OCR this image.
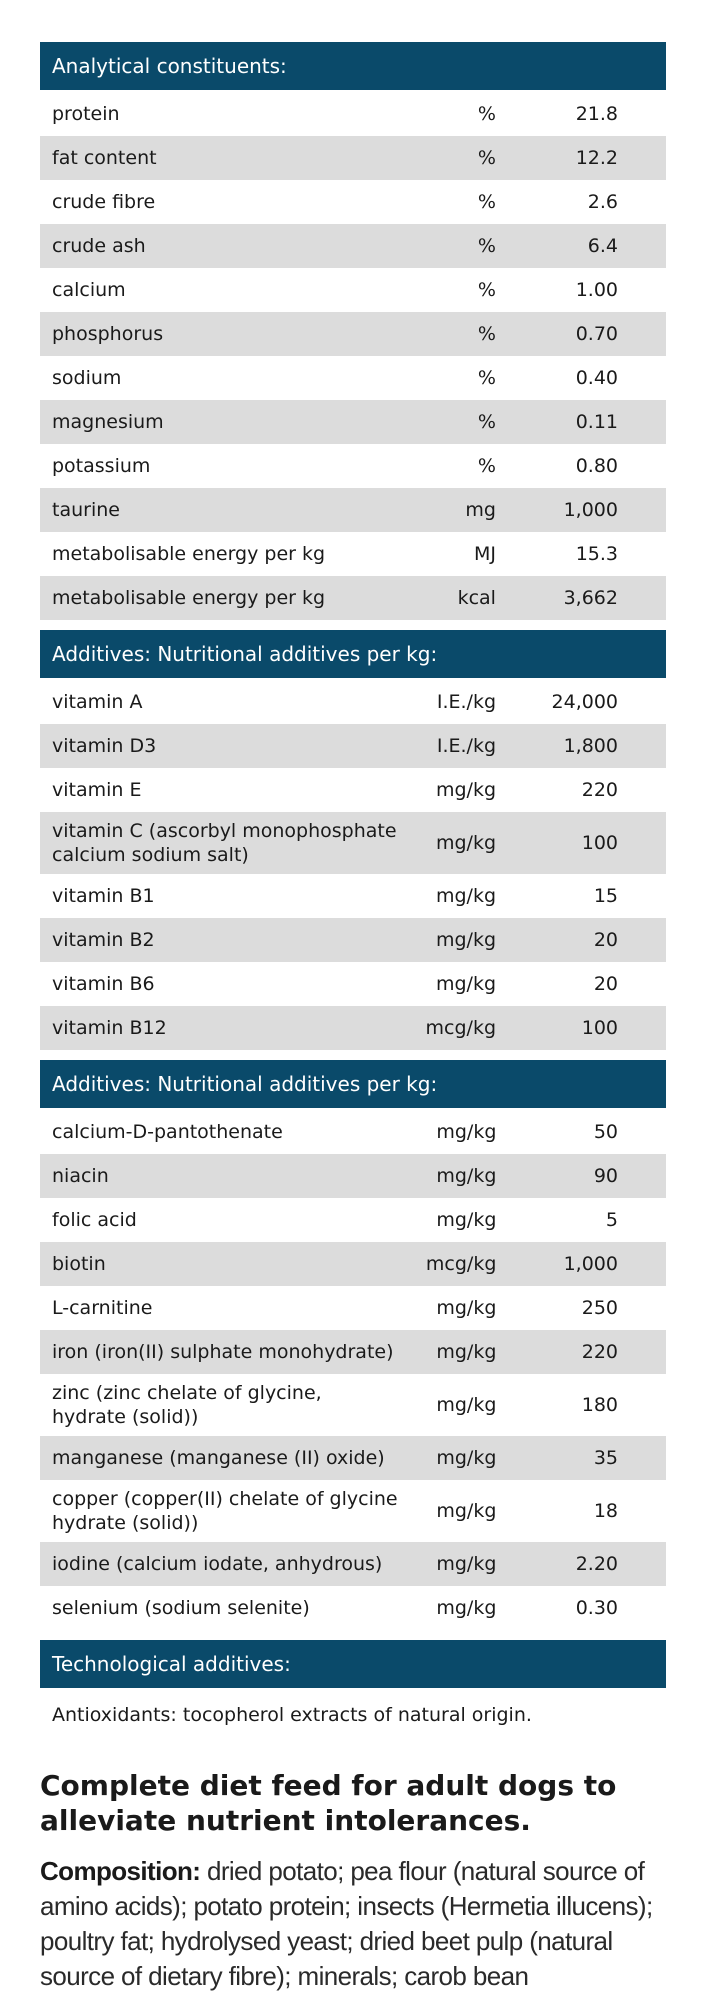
Analytical constituents:
protein	%	21.8
fat content	%	12.2
crude fibre	%	2.6
crude ash	%	6.4
calcium	%	1.00
phosphorus	%	0.70
sodium	%	0.40
magnesium	%	0.11
potassium	%	0.80
taurine	mg	1,000
metabolisable energy per kg	MJ	15.3
metabolisable energy per kg	kcal	3,662
Additives: Nutritional additives per kg:
vitamin A	I.E./kg	24,000
vitamin D3	I.E./kg	1,800
vitamin E	mg/kg	220
vitamin C (ascorbyl monophosphate calcium sodium salt)	mg/kg	100
vitamin B1	mg/kg	15
vitamin B2	mg/kg	20
vitamin B6	mg/kg	20
vitamin B12	mcg/kg	100
Additives: Nutritional additives per kg:
calcium-D-pantothenate	mg/kg	50
niacin	mg/kg	90
folic acid	mg/kg	5
biotin	mcg/kg	1,000
L-carnitine	mg/kg	250
iron (iron(II) sulphate monohydrate)	mg/kg	220
zinc (zinc chelate of glycine, hydrate (solid))	mg/kg	180
manganese (manganese (II) oxide)	mg/kg	35
copper (copper(II) chelate of glycine hydrate (solid))	mg/kg	18
iodine (calcium iodate, anhydrous)	mg/kg	2.20
selenium (sodium selenite)	mg/kg	0.30
Technological additives:
Antioxidants: tocopherol extracts of natural origin.
Complete diet feed for adult dogs to alleviate nutrient intolerances.
Composition: dried potato; pea flour (natural source of amino acids); potato protein; insects (Hermetia illucens); poultry fat; hydrolysed yeast; dried beet pulp (natural source of dietary fibre); minerals; carob bean
